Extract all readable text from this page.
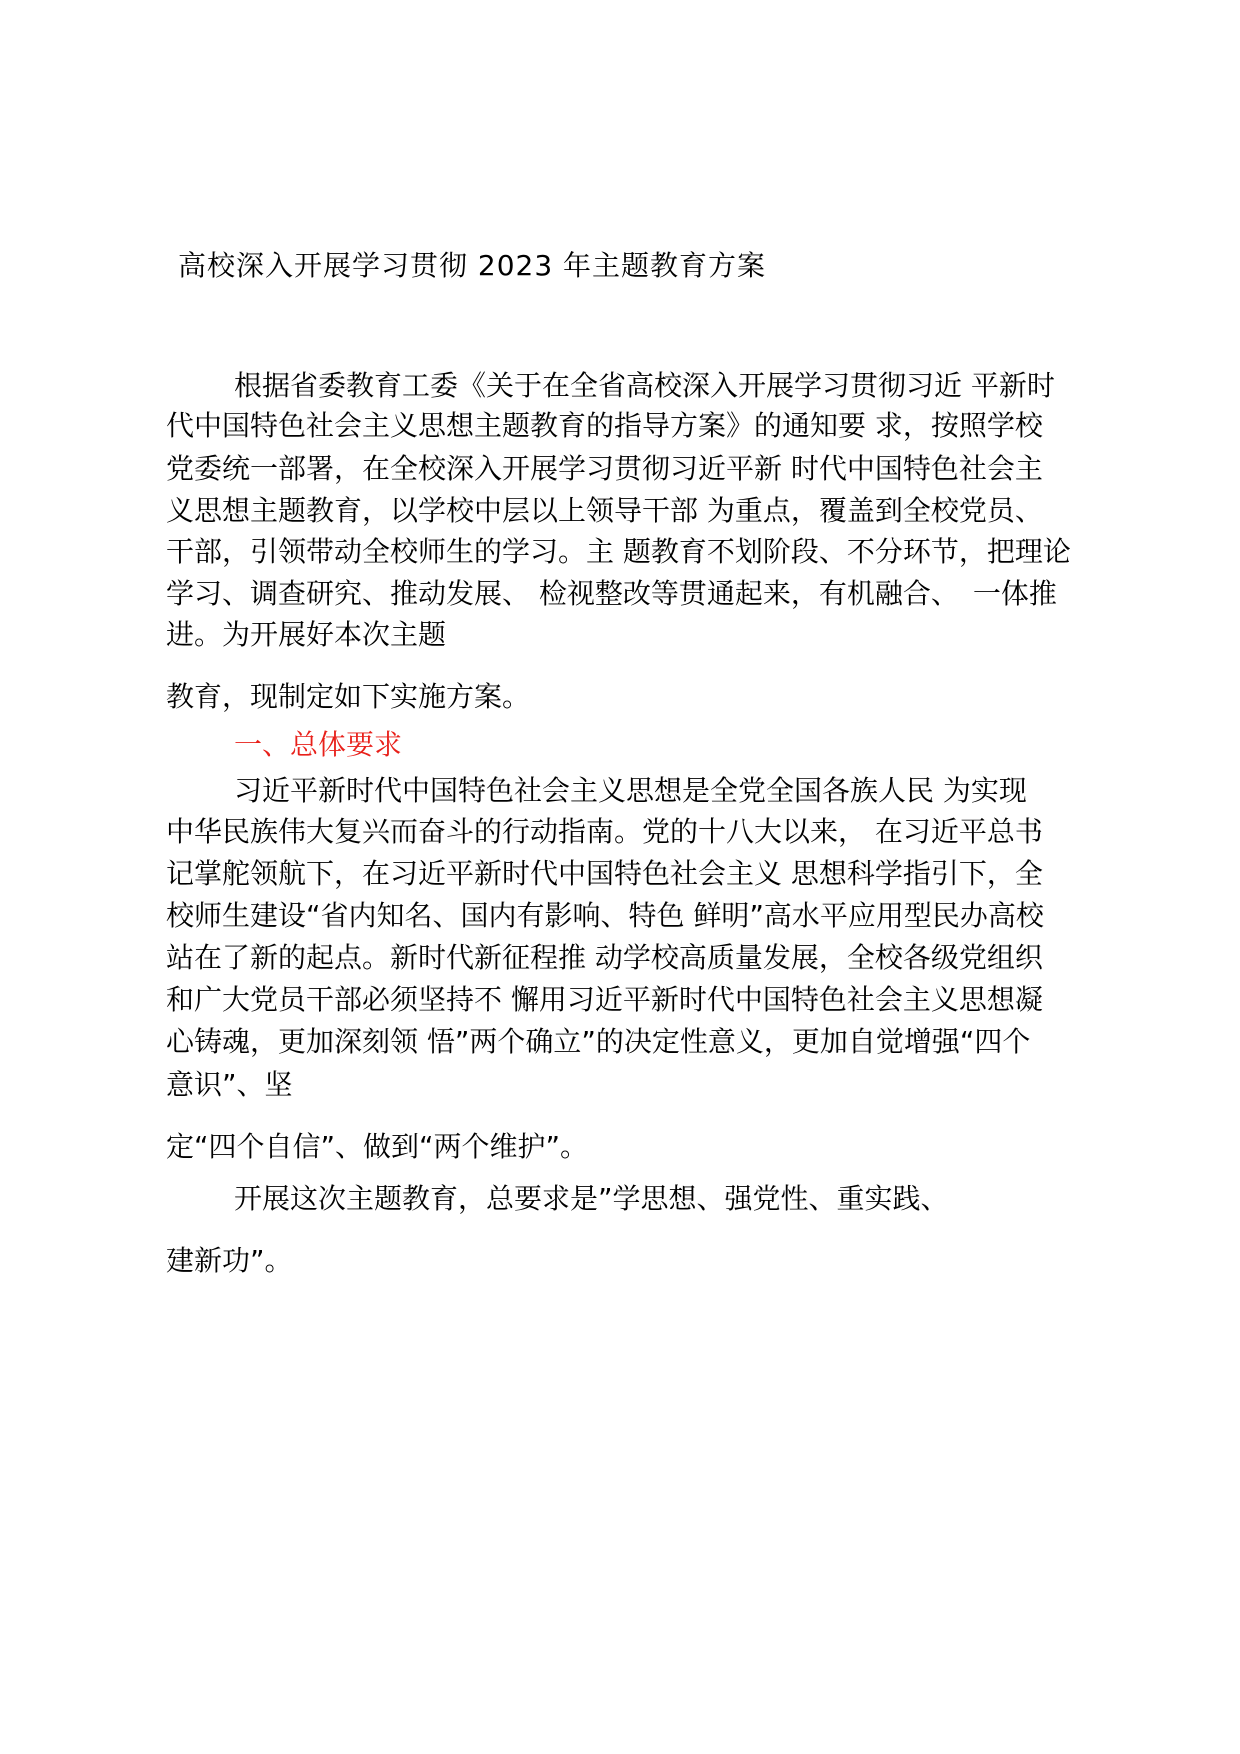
高校深入开展学习贯彻 2023 年主题教育方案
根据省委教育工委《关于在全省高校深入开展学习贯彻习近 平新时
代中国特色社会主义思想主题教育的指导方案》的通知要 求，按照学校
党委统一部署，在全校深入开展学习贯彻习近平新 时代中国特色社会主
义思想主题教育，以学校中层以上领导干部 为重点，覆盖到全校党员、
干部，引领带动全校师生的学习。主 题教育不划阶段、不分环节，把理论
学习、调查研究、推动发展、 检视整改等贯通起来，有机融合、　一体推
进。为开展好本次主题
教育，现制定如下实施方案。
一、总体要求
习近平新时代中国特色社会主义思想是全党全国各族人民 为实现
中华民族伟大复兴而奋斗的行动指南。党的十八大以来， 在习近平总书
记掌舵领航下，在习近平新时代中国特色社会主义 思想科学指引下，全
校师生建设“省内知名、国内有影响、特色 鲜明”高水平应用型民办高校
站在了新的起点。新时代新征程推 动学校高质量发展，全校各级党组织
和广大党员干部必须坚持不 懈用习近平新时代中国特色社会主义思想凝
心铸魂，更加深刻领 悟”两个确立”的决定性意义，更加自觉增强“四个
意识”、坚
定“四个自信”、做到“两个维护”。
开展这次主题教育，总要求是”学思想、强党性、重实践、
建新功”。
